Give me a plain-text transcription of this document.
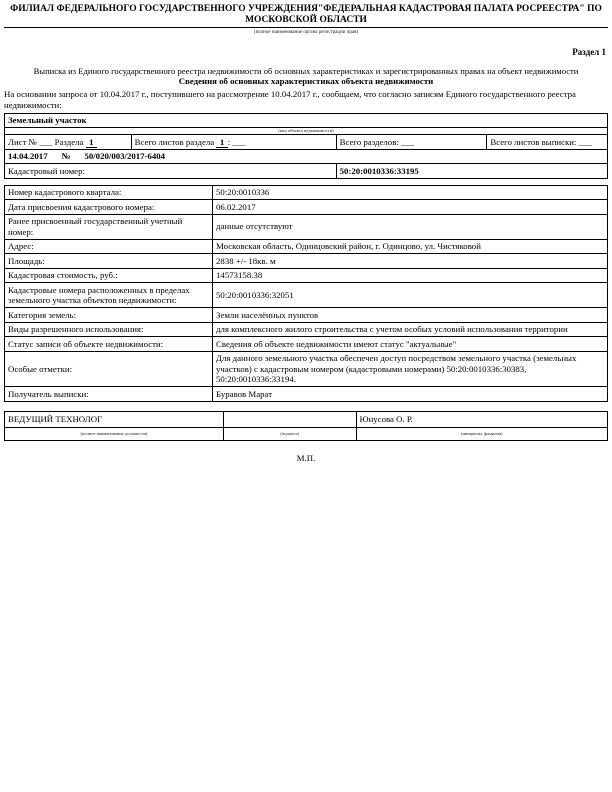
ФИЛИАЛ ФЕДЕРАЛЬНОГО ГОСУДАРСТВЕННОГО УЧРЕЖДЕНИЯ"ФЕДЕРАЛЬНАЯ КАДАСТРОВАЯ ПАЛАТА РОСРЕЕСТРА" ПО МОСКОВСКОЙ ОБЛАСТИ
(полное наименование органа регистрации прав)
Раздел 1
Выписка из Единого государственного реестра недвижимости об основных характеристиках и зарегистрированных правах на объект недвижимости
Сведения об основных характеристиках объекта недвижимости
На основании запроса от 10.04.2017 г., поступившего на рассмотрение 10.04.2017 г., сообщаем, что согласно записям Единого государственного реестра недвижимости:
Земельный участок			
(вид объекта недвижимости)			
Лист № ___ Раздела 1	Всего листов раздела 1 : ___	Всего разделов: ___	Всего листов выписки: ___
14.04.2017 № 50/020/003/2017-6404			
Кадастровый номер:		50:20:0010336:33195	
Номер кадастрового квартала:	50:20:0010336
Дата присвоения кадастрового номера:	06.02.2017
Ранее присвоенный государственный учетный номер:	данные отсутствуют
Адрес:	Московская область, Одинцовский район, г. Одинцово, ул. Чистяковой
Площадь:	2838 +/- 18кв. м
Кадастровая стоимость, руб.:	14573158.38
Кадастровые номера расположенных в пределах земельного участка объектов недвижимости:	50:20:0010336:32051
Категория земель:	Земли населённых пунктов
Виды разрешенного использования:	для комплексного жилого строительства с учетом особых условий использования территории
Статус записи об объекте недвижимости:	Сведения об объекте недвижимости имеют статус "актуальные"
Особые отметки:	Для данного земельного участка обеспечен доступ посредством земельного участка (земельных участков) с кадастровым номером (кадастровыми номерами) 50:20:0010336:30383, 50:20:0010336:33194.
Получатель выписки:	Буравов Марат
ВЕДУЩИЙ ТЕХНОЛОГ		Юнусова О. Р.
(полное наименование должности)	(подпись)	(инициалы, фамилия)
М.П.
